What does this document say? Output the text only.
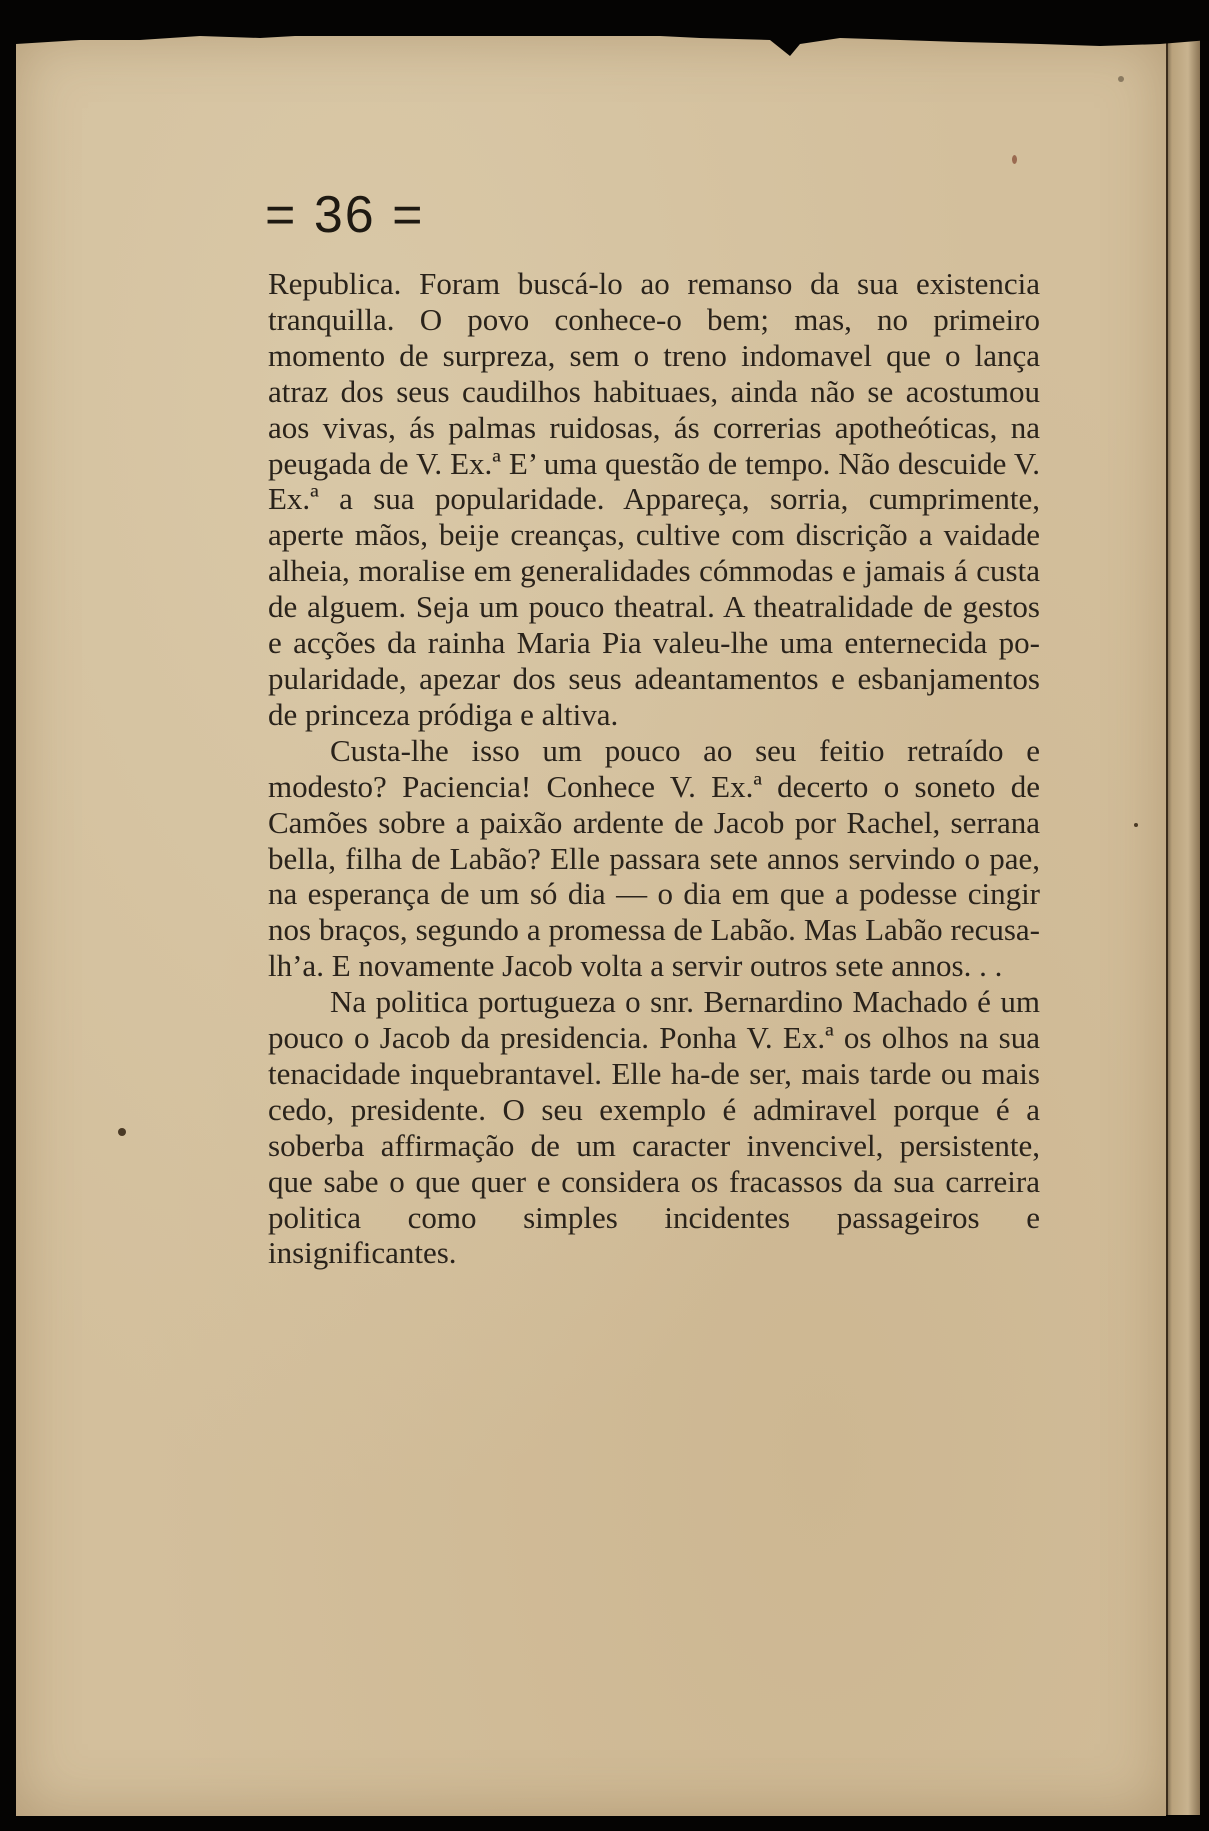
= 36 =

Republica. Foram buscá-lo ao remanso da sua existencia tranquilla. O povo conhece-o bem; mas, no primeiro momento de surpreza, sem o treno indomavel que o lança atraz dos seus caudilhos habituaes, ainda não se acostumou aos vivas, ás palmas ruidosas, ás correrias apotheóticas, na peugada de V. Ex.ª E’ uma questão de tempo. Não descuide V. Ex.ª a sua popularidade. Appareça, sorria, cumprimente, aperte mãos, beije creanças, cultive com discrição a vaidade alheia, moralise em generalidades cómmodas e jamais á custa de alguem. Seja um pouco theatral. A theatralidade de gestos e acções da rainha Maria Pia valeu-lhe uma enternecida popularidade, apezar dos seus adeantamentos e esbanjamentos de princeza pródiga e altiva.

Custa-lhe isso um pouco ao seu feitio retraído e modesto? Paciencia! Conhece V. Ex.ª decerto o soneto de Camões sobre a paixão ardente de Jacob por Rachel, serrana bella, filha de Labão? Elle passara sete annos servindo o pae, na esperança de um só dia — o dia em que a podesse cingir nos braços, segundo a promessa de Labão. Mas Labão recusalh’a. E novamente Jacob volta a servir outros sete annos. . .

Na politica portugueza o snr. Bernardino Machado é um pouco o Jacob da presidencia. Ponha V. Ex.ª os olhos na sua tenacidade inquebrantavel. Elle ha-de ser, mais tarde ou mais cedo, presidente. O seu exemplo é admiravel porque é a soberba affirmação de um caracter invencivel, persistente, que sabe o que quer e considera os fracassos da sua carreira politica como simples incidentes passageiros e insignificantes.
